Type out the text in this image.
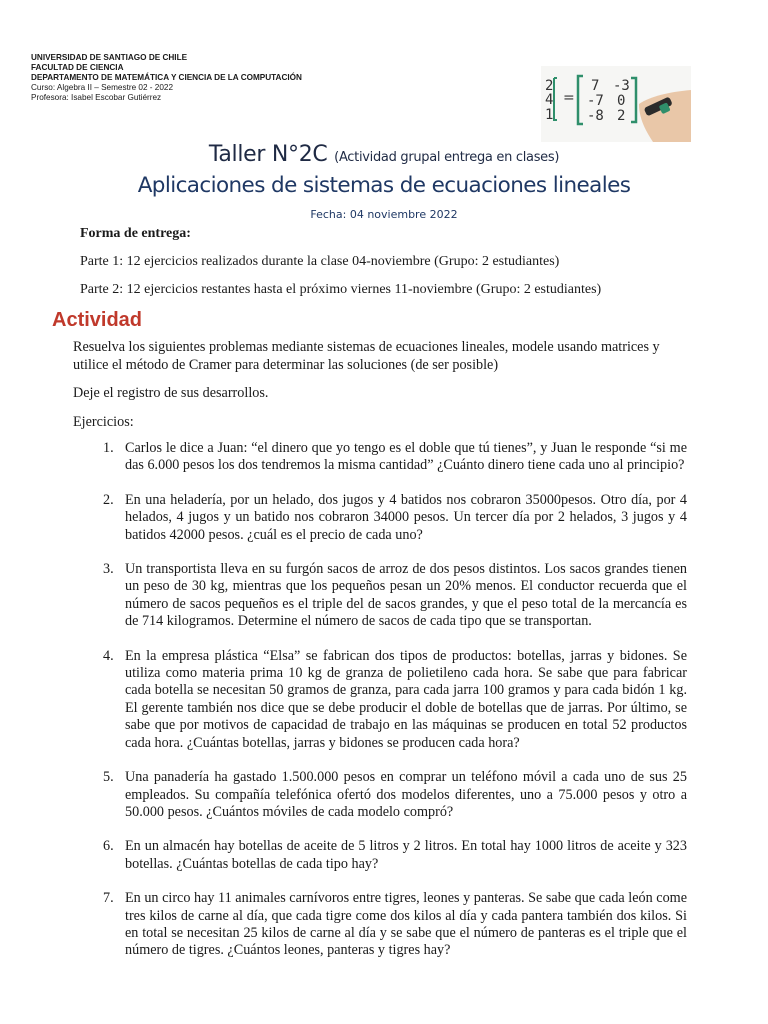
UNIVERSIDAD DE SANTIAGO DE CHILE
FACULTAD DE CIENCIA
DEPARTAMENTO DE MATEMÁTICA Y CIENCIA DE LA COMPUTACIÓN
Curso: Algebra II – Semestre 02 - 2022
Profesora: Isabel Escobar Gutiérrez
2
4
1
=
7 -3
-7 0
-8 2
Taller N°2C (Actividad grupal entrega en clases)
Aplicaciones de sistemas de ecuaciones lineales
Fecha: 04 noviembre 2022

Forma de entrega:

Parte 1: 12 ejercicios realizados durante la clase 04-noviembre (Grupo: 2 estudiantes)

Parte 2: 12 ejercicios restantes hasta el próximo viernes 11-noviembre (Grupo: 2 estudiantes)

Actividad

Resuelva los siguientes problemas mediante sistemas de ecuaciones lineales, modele usando matrices y utilice el método de Cramer para determinar las soluciones (de ser posible)

Deje el registro de sus desarrollos.

Ejercicios:

1. Carlos le dice a Juan: “el dinero que yo tengo es el doble que tú tienes”, y Juan le responde “si me das 6.000 pesos los dos tendremos la misma cantidad” ¿Cuánto dinero tiene cada uno al principio?
2. En una heladería, por un helado, dos jugos y 4 batidos nos cobraron 35000pesos. Otro día, por 4 helados, 4 jugos y un batido nos cobraron 34000 pesos. Un tercer día por 2 helados, 3 jugos y 4 batidos 42000 pesos. ¿cuál es el precio de cada uno?
3. Un transportista lleva en su furgón sacos de arroz de dos pesos distintos. Los sacos grandes tienen un peso de 30 kg, mientras que los pequeños pesan un 20% menos. El conductor recuerda que el número de sacos pequeños es el triple del de sacos grandes, y que el peso total de la mercancía es de 714 kilogramos. Determine el número de sacos de cada tipo que se transportan.
4. En la empresa plástica “Elsa” se fabrican dos tipos de productos: botellas, jarras y bidones. Se utiliza como materia prima 10 kg de granza de polietileno cada hora. Se sabe que para fabricar cada botella se necesitan 50 gramos de granza, para cada jarra 100 gramos y para cada bidón 1 kg. El gerente también nos dice que se debe producir el doble de botellas que de jarras. Por último, se sabe que por motivos de capacidad de trabajo en las máquinas se producen en total 52 productos cada hora. ¿Cuántas botellas, jarras y bidones se producen cada hora?
5. Una panadería ha gastado 1.500.000 pesos en comprar un teléfono móvil a cada uno de sus 25 empleados. Su compañía telefónica ofertó dos modelos diferentes, uno a 75.000 pesos y otro a 50.000 pesos. ¿Cuántos móviles de cada modelo compró?
6. En un almacén hay botellas de aceite de 5 litros y 2 litros. En total hay 1000 litros de aceite y 323 botellas. ¿Cuántas botellas de cada tipo hay?
7. En un circo hay 11 animales carnívoros entre tigres, leones y panteras. Se sabe que cada león come tres kilos de carne al día, que cada tigre come dos kilos al día y cada pantera también dos kilos. Si en total se necesitan 25 kilos de carne al día y se sabe que el número de panteras es el triple que el número de tigres. ¿Cuántos leones, panteras y tigres hay?
